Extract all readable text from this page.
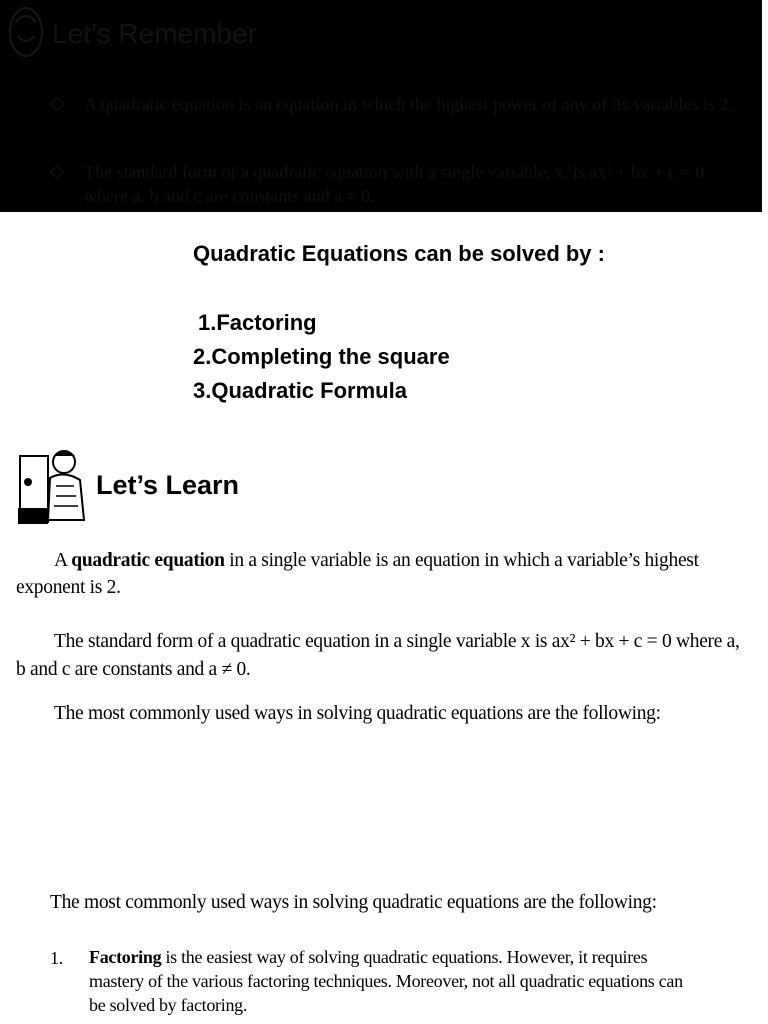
Let’s Remember
A quadratic equation is an equation in which the highest power of any of its variables is 2.
The standard form of a quadratic equation with a single variable, x, is ax² + bx + c = 0 where a, b and c are constants and a ≠ 0.
Quadratic Equations can be solved by :
1.Factoring
2.Completing the square
3.Quadratic Formula
Let’s Learn
A quadratic equation in a single variable is an equation in which a variable’s highest
exponent is 2.
The standard form of a quadratic equation in a single variable x is ax² + bx + c = 0 where a,
b and c are constants and a ≠ 0.
The most commonly used ways in solving quadratic equations are the following:
The most commonly used ways in solving quadratic equations are the following:
1. Factoring is the easiest way of solving quadratic equations. However, it requires
mastery of the various factoring techniques. Moreover, not all quadratic equations can
be solved by factoring.
